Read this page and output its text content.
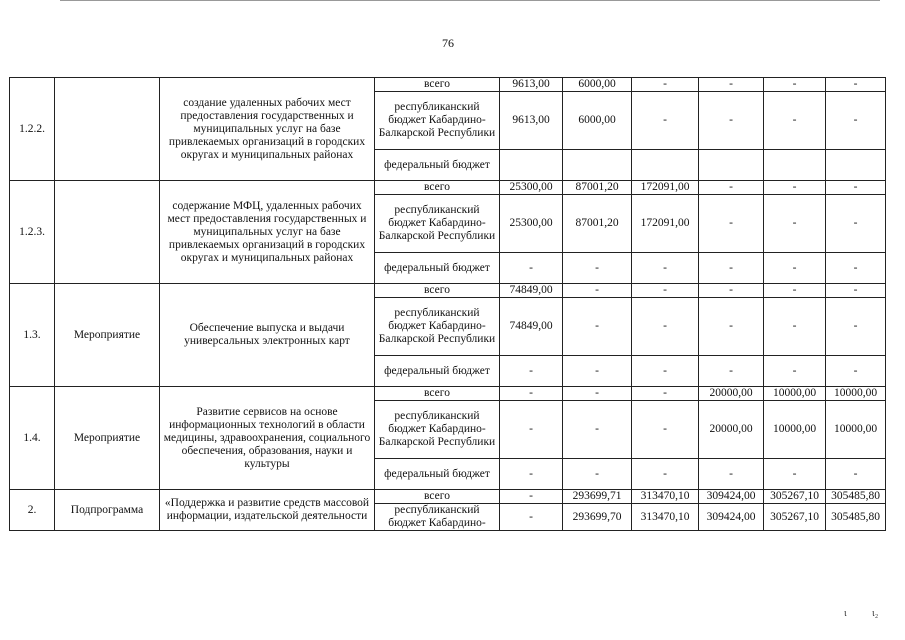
76
1.2.2.		создание удаленных рабочих мест предоставления государственных и муниципальных услуг на базе привлекаемых организаций в городских округах и муниципальных районах	всего	9613,00	6000,00	-	-	-	-
			республиканский бюджет Кабардино-Балкарской Республики	9613,00	6000,00	-	-	-	-
			федеральный бюджет						
1.2.3.		содержание МФЦ, удаленных рабочих мест предоставления государственных и муниципальных услуг на базе привлекаемых организаций в городских округах и муниципальных районах	всего	25300,00	87001,20	172091,00	-	-	-
			республиканский бюджет Кабардино-Балкарской Республики	25300,00	87001,20	172091,00	-	-	-
			федеральный бюджет	-	-	-	-	-	-
1.3.	Мероприятие	Обеспечение выпуска и выдачи универсальных электронных карт	всего	74849,00	-	-	-	-	-
			республиканский бюджет Кабардино-Балкарской Республики	74849,00	-	-	-	-	-
			федеральный бюджет	-	-	-	-	-	-
1.4.	Мероприятие	Развитие сервисов на основе информационных технологий в области медицины, здравоохранения, социального обеспечения, образования, науки и культуры	всего	-	-	-	20000,00	10000,00	10000,00
			республиканский бюджет Кабардино-Балкарской Республики	-	-	-	20000,00	10000,00	10000,00
			федеральный бюджет	-	-	-	-	-	-
2.	Подпрограмма	«Поддержка и развитие средств массовой информации, издательской деятельности	всего	-	293699,71	313470,10	309424,00	305267,10	305485,80
			республиканский бюджет Кабардино-	-	293699,70	313470,10	309424,00	305267,10	305485,80
ι	ι₂
